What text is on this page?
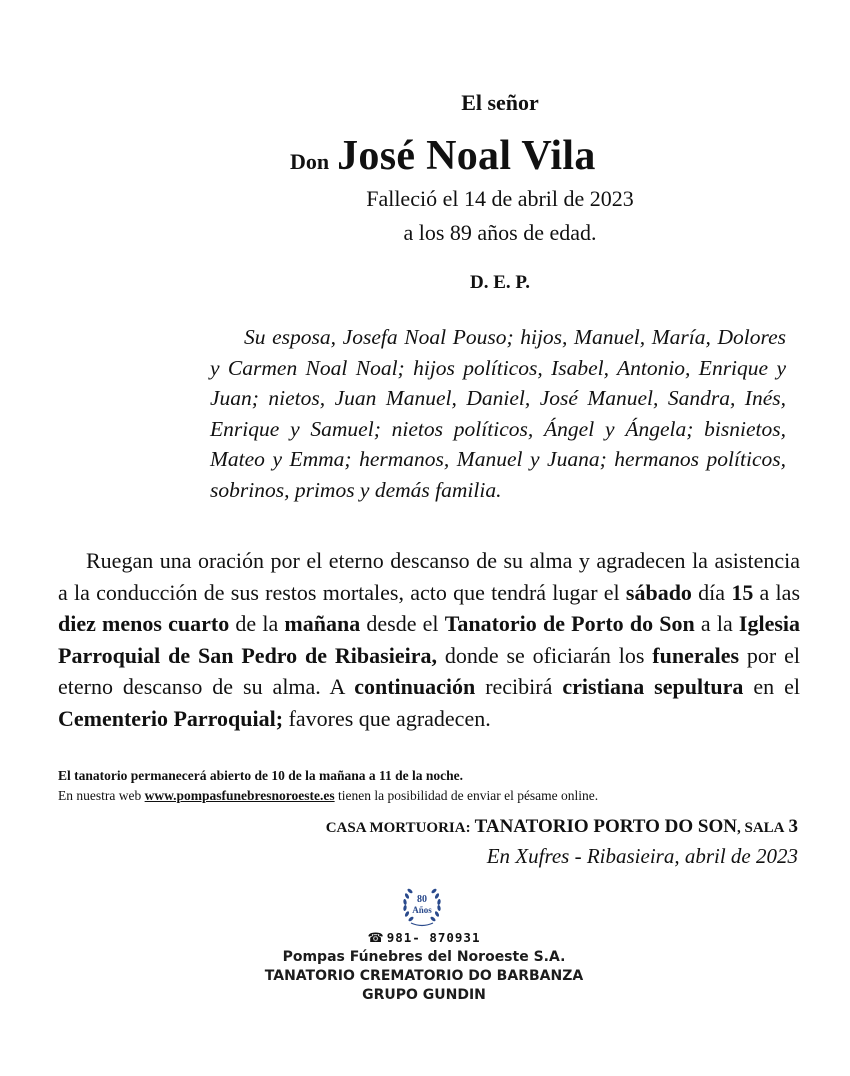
El señor
Don José Noal Vila
Falleció el 14 de abril de 2023
a los 89 años de edad.
D. E. P.
Su esposa, Josefa Noal Pouso; hijos, Manuel, María, Dolores y Carmen Noal Noal; hijos políticos, Isabel, Antonio, Enrique y Juan; nietos, Juan Manuel, Daniel, José Manuel, Sandra, Inés, Enrique y Samuel; nietos políticos, Ángel y Ángela; bisnietos, Mateo y Emma; hermanos, Manuel y Juana; hermanos políticos, sobrinos, primos y demás familia.
Ruegan una oración por el eterno descanso de su alma y agradecen la asistencia a la conducción de sus restos mortales, acto que tendrá lugar el sábado día 15 a las diez menos cuarto de la mañana desde el Tanatorio de Porto do Son a la Iglesia Parroquial de San Pedro de Ribasieira, donde se oficiarán los funerales por el eterno descanso de su alma. A continuación recibirá cristiana sepultura en el Cementerio Parroquial; favores que agradecen.
El tanatorio permanecerá abierto de 10 de la mañana a 11 de la noche.
En nuestra web www.pompasfunebresnoroeste.es tienen la posibilidad de enviar el pésame online.
CASA MORTUORIA: TANATORIO PORTO DO SON, SALA 3
En Xufres - Ribasieira, abril de 2023
80
Años
☎ 981- 870931
Pompas Fúnebres del Noroeste S.A.
TANATORIO CREMATORIO DO BARBANZA
GRUPO GUNDIN
